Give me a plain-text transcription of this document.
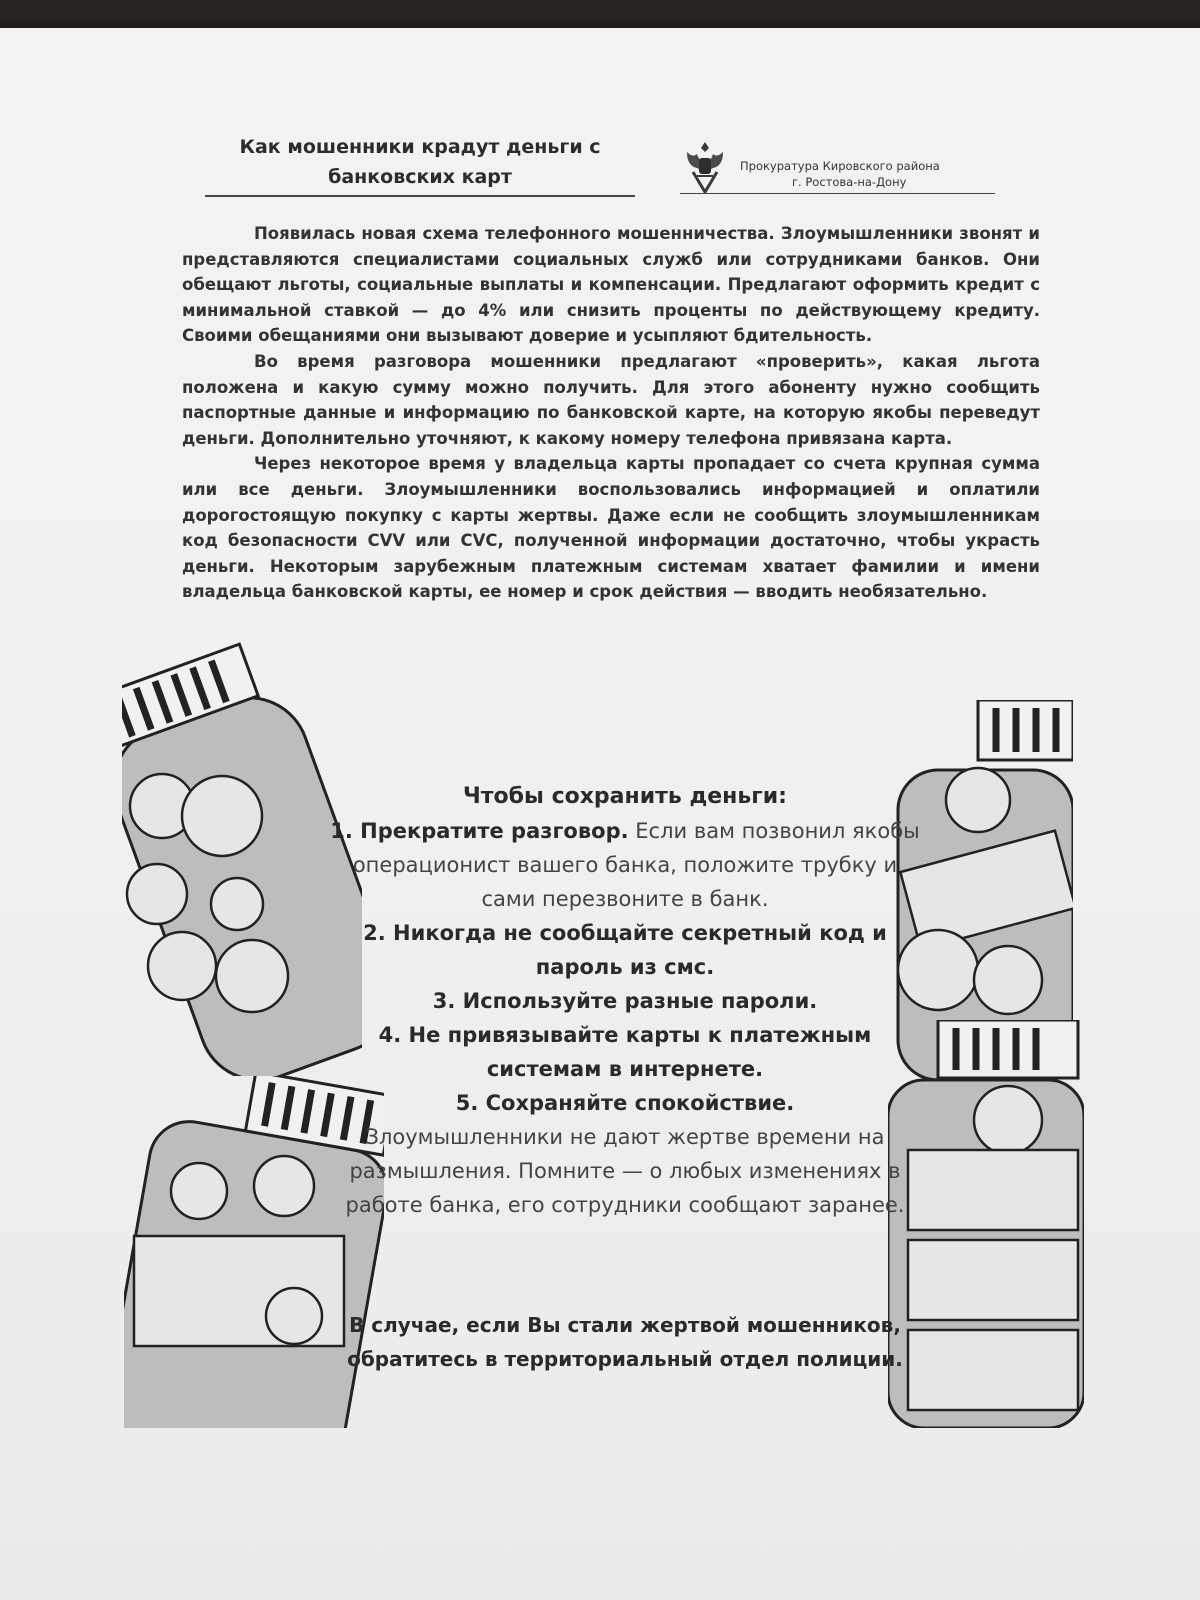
Как мошенники крадут деньги с банковских карт	Прокуратура Кировского района
г. Ростова-на-Дону

Появилась новая схема телефонного мошенничества. Злоумышленники звонят и представляются специалистами социальных служб или сотрудниками банков. Они обещают льготы, социальные выплаты и компенсации. Предлагают оформить кредит с минимальной ставкой — до 4% или снизить проценты по действующему кредиту. Своими обещаниями они вызывают доверие и усыпляют бдительность.

Во время разговора мошенники предлагают «проверить», какая льгота положена и какую сумму можно получить. Для этого абоненту нужно сообщить паспортные данные и информацию по банковской карте, на которую якобы переведут деньги. Дополнительно уточняют, к какому номеру телефона привязана карта.

Через некоторое время у владельца карты пропадает со счета крупная сумма или все деньги. Злоумышленники воспользовались информацией и оплатили дорогостоящую покупку с карты жертвы. Даже если не сообщить злоумышленникам код безопасности CVV или CVC, полученной информации достаточно, чтобы украсть деньги. Некоторым зарубежным платежным системам хватает фамилии и имени владельца банковской карты, ее номер и срок действия — вводить необязательно.

Чтобы сохранить деньги:
1. Прекратите разговор. Если вам позвонил якобы операционист вашего банка, положите трубку и сами перезвоните в банк.
2. Никогда не сообщайте секретный код и пароль из смс.
3. Используйте разные пароли.
4. Не привязывайте карты к платежным системам в интернете.
5. Сохраняйте спокойствие.
Злоумышленники не дают жертве времени на размышления. Помните — о любых изменениях в работе банка, его сотрудники сообщают заранее.
В случае, если Вы стали жертвой мошенников, обратитесь в территориальный отдел полиции.
